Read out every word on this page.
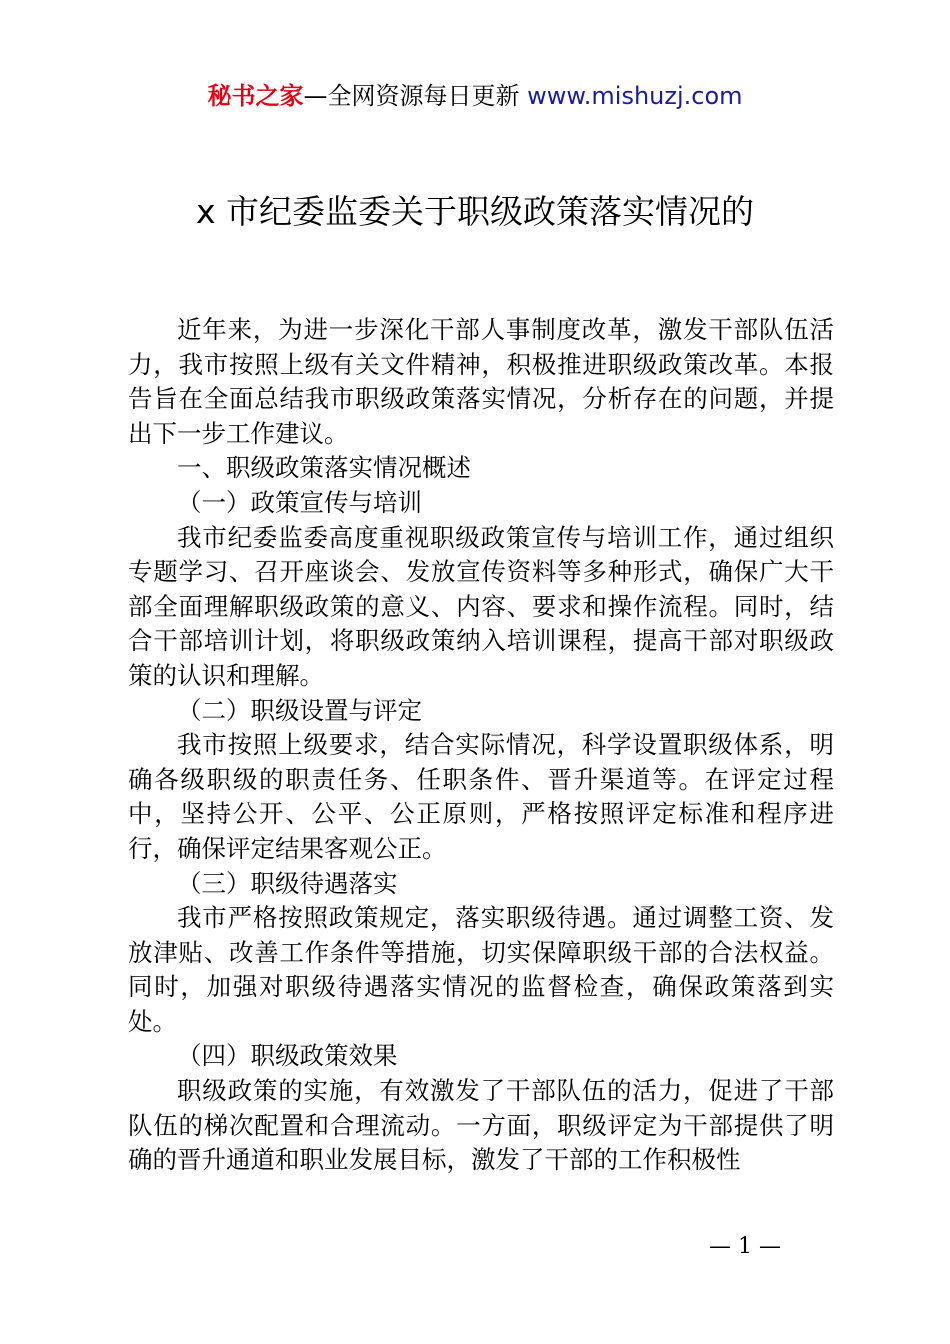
秘书之家—全网资源每日更新 www.mishuzj.com
x 市纪委监委关于职级政策落实情况的

近年来，为进一步深化干部人事制度改革，激发干部队伍活力，我市按照上级有关文件精神，积极推进职级政策改革。本报告旨在全面总结我市职级政策落实情况，分析存在的问题，并提出下一步工作建议。

一、职级政策落实情况概述

（一）政策宣传与培训

我市纪委监委高度重视职级政策宣传与培训工作，通过组织专题学习、召开座谈会、发放宣传资料等多种形式，确保广大干部全面理解职级政策的意义、内容、要求和操作流程。同时，结合干部培训计划，将职级政策纳入培训课程，提高干部对职级政策的认识和理解。

（二）职级设置与评定

我市按照上级要求，结合实际情况，科学设置职级体系，明确各级职级的职责任务、任职条件、晋升渠道等。在评定过程中，坚持公开、公平、公正原则，严格按照评定标准和程序进行，确保评定结果客观公正。

（三）职级待遇落实

我市严格按照政策规定，落实职级待遇。通过调整工资、发放津贴、改善工作条件等措施，切实保障职级干部的合法权益。同时，加强对职级待遇落实情况的监督检查，确保政策落到实处。

（四）职级政策效果

职级政策的实施，有效激发了干部队伍的活力，促进了干部队伍的梯次配置和合理流动。一方面，职级评定为干部提供了明确的晋升通道和职业发展目标，激发了干部的工作积极性

— 1 —
